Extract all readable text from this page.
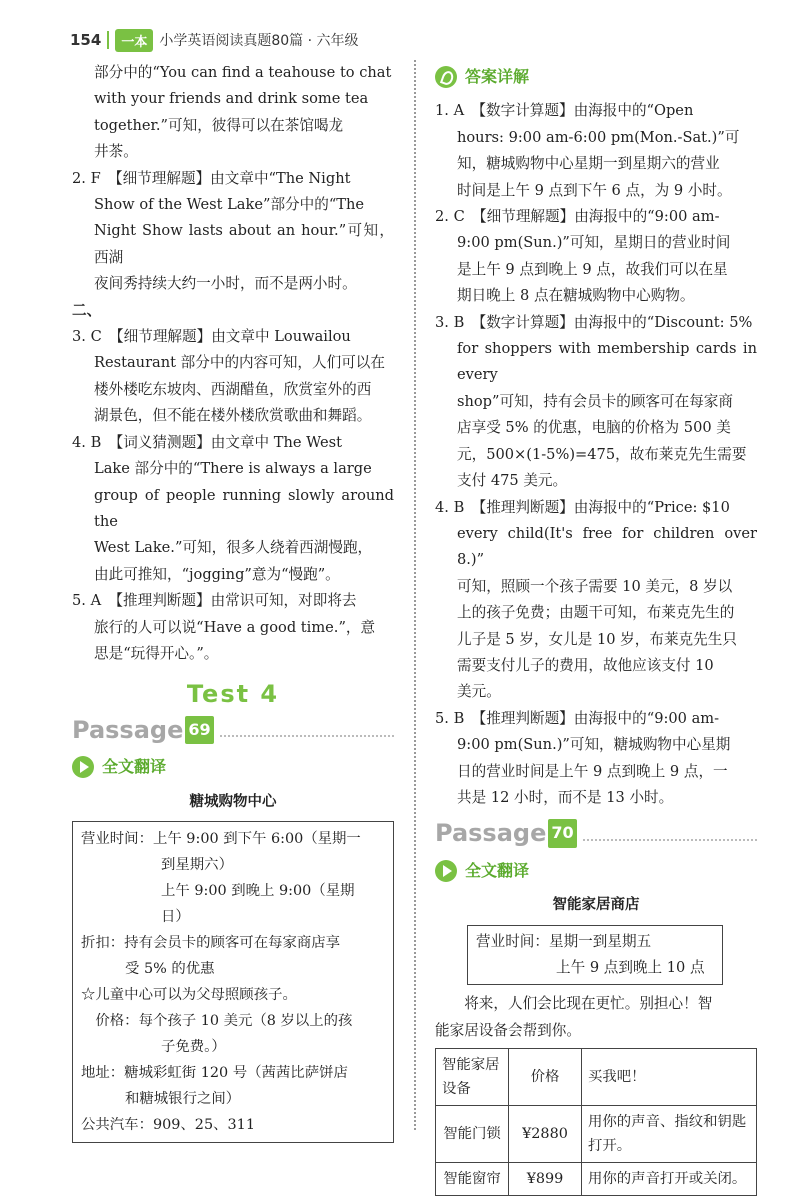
154	一本 小学英语阅读真题80篇 · 六年级

部分中的“You can find a teahouse to chat

with your friends and drink some tea

together.”可知，彼得可以在茶馆喝龙

井茶。

2. F　 【细节理解题】由文章中“The Night

Show of the West Lake”部分中的“The

Night Show lasts about an hour.”可知，西湖

夜间秀持续大约一小时，而不是两小时。

二、

3. C　 【细节理解题】由文章中 Louwailou

Restaurant 部分中的内容可知，人们可以在

楼外楼吃东坡肉、西湖醋鱼，欣赏室外的西

湖景色，但不能在楼外楼欣赏歌曲和舞蹈。

4. B　 【词义猜测题】由文章中 The West

Lake 部分中的“There is always a large

group of people running slowly around the

West Lake.”可知，很多人绕着西湖慢跑，

由此可推知，“jogging”意为“慢跑”。

5. A　 【推理判断题】由常识可知，对即将去

旅行的人可以说“Have a good time.”，意

思是“玩得开心。”。

Test 4
Passage 69
全文翻译
糖城购物中心
营业时间：上午 9:00 到下午 6:00（星期一
到星期六）
上午 9:00 到晚上 9:00（星期
日）
折扣：持有会员卡的顾客可在每家商店享
受 5% 的优惠
☆儿童中心可以为父母照顾孩子。
　价格：每个孩子 10 美元（8 岁以上的孩
子免费。）
地址：糖城彩虹街 120 号（茜茜比萨饼店
和糖城银行之间）
公共汽车：909、25、311
答案详解

1. A　 【数字计算题】由海报中的“Open

hours: 9:00 am-6:00 pm(Mon.-Sat.)”可

知，糖城购物中心星期一到星期六的营业

时间是上午 9 点到下午 6 点，为 9 小时。

2. C　 【细节理解题】由海报中的“9:00 am-

9:00 pm(Sun.)”可知，星期日的营业时间

是上午 9 点到晚上 9 点，故我们可以在星

期日晚上 8 点在糖城购物中心购物。

3. B　 【数字计算题】由海报中的“Discount: 5%

for shoppers with membership cards in every

shop”可知，持有会员卡的顾客可在每家商

店享受 5% 的优惠，电脑的价格为 500 美

元，500×(1-5%)=475，故布莱克先生需要

支付 475 美元。

4. B　 【推理判断题】由海报中的“Price: $10

every child(It's free for children over 8.)”

可知，照顾一个孩子需要 10 美元，8 岁以

上的孩子免费；由题干可知，布莱克先生的

儿子是 5 岁，女儿是 10 岁，布莱克先生只

需要支付儿子的费用，故他应该支付 10

美元。

5. B　 【推理判断题】由海报中的“9:00 am-

9:00 pm(Sun.)”可知，糖城购物中心星期

日的营业时间是上午 9 点到晚上 9 点，一

共是 12 小时，而不是 13 小时。

Passage 70
全文翻译
智能家居商店
营业时间：星期一到星期五
上午 9 点到晚上 10 点

将来，人们会比现在更忙。别担心！智

能家居设备会帮到你。

智能家居设备	价格	买我吧！
智能门锁	¥2880	用你的声音、指纹和钥匙打开。
智能窗帘	¥899	用你的声音打开或关闭。
